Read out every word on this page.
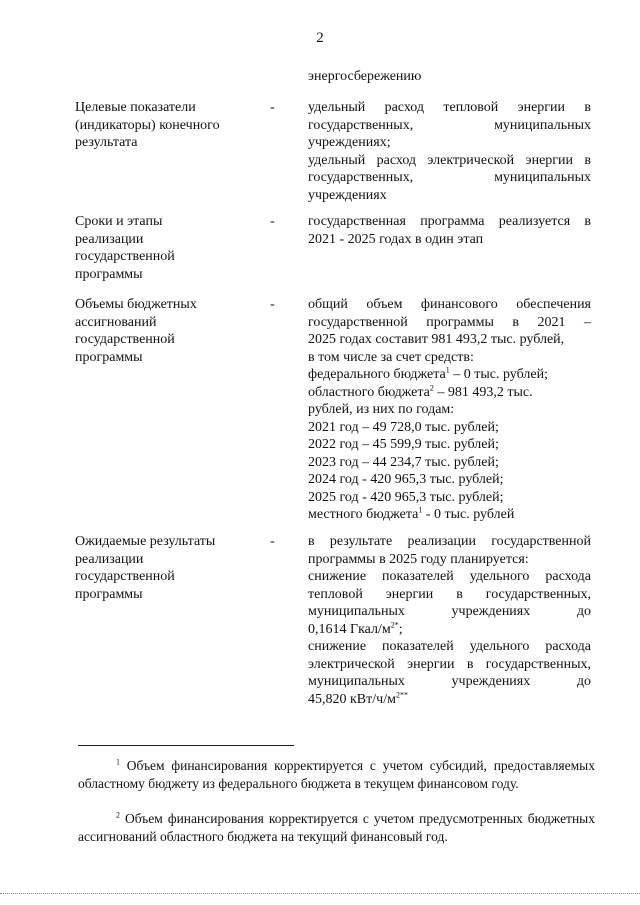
2
энергосбережению
Целевые показатели
(индикаторы) конечного
результата
- удельный расход тепловой энергии в
государственных, муниципальных
учреждениях;
удельный расход электрической энергии в
государственных, муниципальных
учреждениях
Сроки и этапы
реализации
государственной
программы
- государственная программа реализуется в
2021 - 2025 годах в один этап
Объемы бюджетных
ассигнований
государственной
программы
- общий объем финансового обеспечения
государственной программы в 2021 –
2025 годах составит 981 493,2 тыс. рублей,
в том числе за счет средств:
федерального бюджета$^1$ – 0 тыс. рублей;
областного бюджета$^2$ – 981 493,2 тыс.
рублей, из них по годам:
2021 год – 49 728,0 тыс. рублей;
2022 год – 45 599,9 тыс. рублей;
2023 год – 44 234,7 тыс. рублей;
2024 год - 420 965,3 тыс. рублей;
2025 год - 420 965,3 тыс. рублей;
местного бюджета$^1$ - 0 тыс. рублей
Ожидаемые результаты
реализации
государственной
программы
- в результате реализации государственной
программы в 2025 году планируется:
снижение показателей удельного расхода
тепловой энергии в государственных,
муниципальных учреждениях до
0,1614 Гкал/$м^{2*}$;
снижение показателей удельного расхода
электрической энергии в государственных,
муниципальных учреждениях до
45,820 кВт/$ч/м^{2**}$
$^1$ Объем финансирования корректируется с учетом субсидий, предоставляемых областному бюджету из федерального бюджета в текущем финансовом году.
$^2$ Объем финансирования корректируется с учетом предусмотренных бюджетных ассигнований областного бюджета на текущий финансовый год.
